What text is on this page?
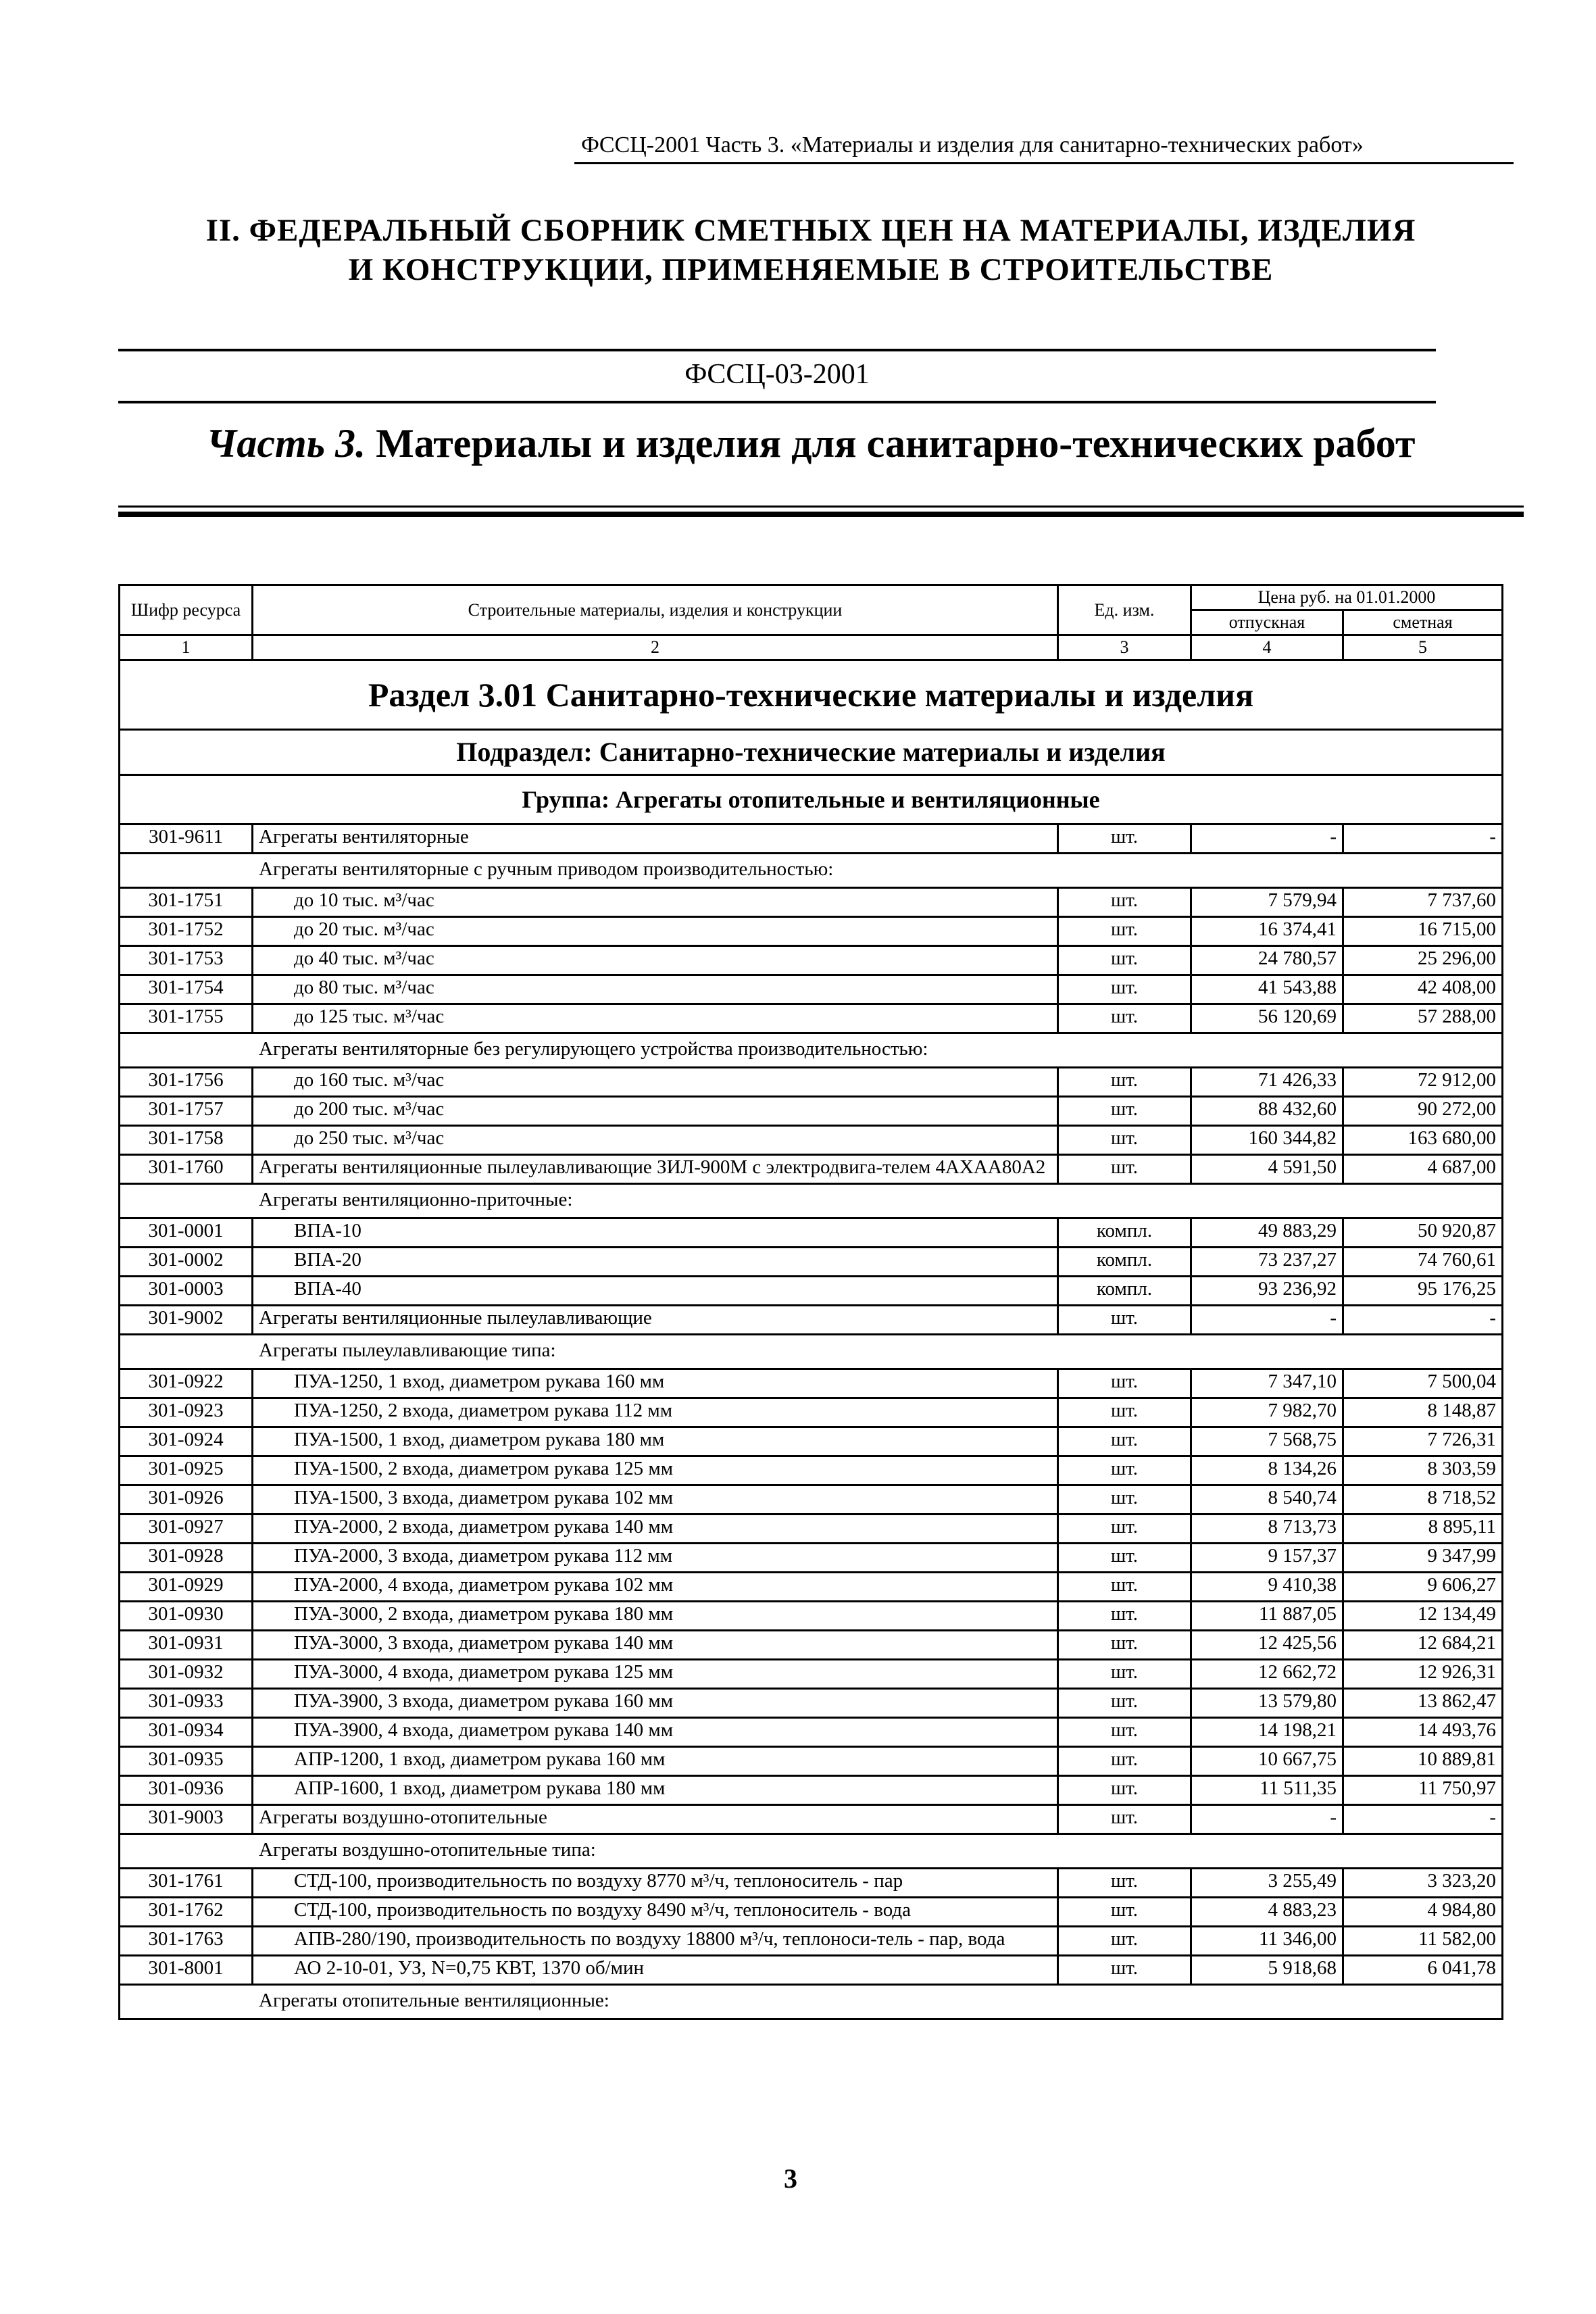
ФССЦ-2001 Часть 3. «Материалы и изделия для санитарно-технических работ»
II. ФЕДЕРАЛЬНЫЙ СБОРНИК СМЕТНЫХ ЦЕН НА МАТЕРИАЛЫ, ИЗДЕЛИЯ
И КОНСТРУКЦИИ, ПРИМЕНЯЕМЫЕ В СТРОИТЕЛЬСТВЕ
ФССЦ-03-2001
Часть 3. Материалы и изделия для санитарно-технических работ
Шифр ресурса	Строительные материалы, изделия и конструкции	Ед. изм.	Цена руб. на 01.01.2000	
			отпускная	сметная
1	2	3	4	5
Раздел 3.01 Санитарно-технические материалы и изделия				
Подраздел: Санитарно-технические материалы и изделия				
Группа: Агрегаты отопительные и вентиляционные				
301-9611	Агрегаты вентиляторные	шт.	-	-
Агрегаты вентиляторные с ручным приводом производительностью:				
301-1751	до 10 тыс. м³/час	шт.	7 579,94	7 737,60
301-1752	до 20 тыс. м³/час	шт.	16 374,41	16 715,00
301-1753	до 40 тыс. м³/час	шт.	24 780,57	25 296,00
301-1754	до 80 тыс. м³/час	шт.	41 543,88	42 408,00
301-1755	до 125 тыс. м³/час	шт.	56 120,69	57 288,00
Агрегаты вентиляторные без регулирующего устройства производительностью:				
301-1756	до 160 тыс. м³/час	шт.	71 426,33	72 912,00
301-1757	до 200 тыс. м³/час	шт.	88 432,60	90 272,00
301-1758	до 250 тыс. м³/час	шт.	160 344,82	163 680,00
301-1760	Агрегаты вентиляционные пылеулавливающие ЗИЛ-900М с электродвига-телем 4АХАА80А2	шт.	4 591,50	4 687,00
Агрегаты вентиляционно-приточные:				
301-0001	ВПА-10	компл.	49 883,29	50 920,87
301-0002	ВПА-20	компл.	73 237,27	74 760,61
301-0003	ВПА-40	компл.	93 236,92	95 176,25
301-9002	Агрегаты вентиляционные пылеулавливающие	шт.	-	-
Агрегаты пылеулавливающие типа:				
301-0922	ПУА-1250, 1 вход, диаметром рукава 160 мм	шт.	7 347,10	7 500,04
301-0923	ПУА-1250, 2 входа, диаметром рукава 112 мм	шт.	7 982,70	8 148,87
301-0924	ПУА-1500, 1 вход, диаметром рукава 180 мм	шт.	7 568,75	7 726,31
301-0925	ПУА-1500, 2 входа, диаметром рукава 125 мм	шт.	8 134,26	8 303,59
301-0926	ПУА-1500, 3 входа, диаметром рукава 102 мм	шт.	8 540,74	8 718,52
301-0927	ПУА-2000, 2 входа, диаметром рукава 140 мм	шт.	8 713,73	8 895,11
301-0928	ПУА-2000, 3 входа, диаметром рукава 112 мм	шт.	9 157,37	9 347,99
301-0929	ПУА-2000, 4 входа, диаметром рукава 102 мм	шт.	9 410,38	9 606,27
301-0930	ПУА-3000, 2 входа, диаметром рукава 180 мм	шт.	11 887,05	12 134,49
301-0931	ПУА-3000, 3 входа, диаметром рукава 140 мм	шт.	12 425,56	12 684,21
301-0932	ПУА-3000, 4 входа, диаметром рукава 125 мм	шт.	12 662,72	12 926,31
301-0933	ПУА-3900, 3 входа, диаметром рукава 160 мм	шт.	13 579,80	13 862,47
301-0934	ПУА-3900, 4 входа, диаметром рукава 140 мм	шт.	14 198,21	14 493,76
301-0935	АПР-1200, 1 вход, диаметром рукава 160 мм	шт.	10 667,75	10 889,81
301-0936	АПР-1600, 1 вход, диаметром рукава 180 мм	шт.	11 511,35	11 750,97
301-9003	Агрегаты воздушно-отопительные	шт.	-	-
Агрегаты воздушно-отопительные типа:				
301-1761	СТД-100, производительность по воздуху 8770 м³/ч, теплоноситель - пар	шт.	3 255,49	3 323,20
301-1762	СТД-100, производительность по воздуху 8490 м³/ч, теплоноситель - вода	шт.	4 883,23	4 984,80
301-1763	АПВ-280/190, производительность по воздуху 18800 м³/ч, теплоноси-тель - пар, вода	шт.	11 346,00	11 582,00
301-8001	АО 2-10-01, УЗ, N=0,75 КВТ, 1370 об/мин	шт.	5 918,68	6 041,78
Агрегаты отопительные вентиляционные:				
3
